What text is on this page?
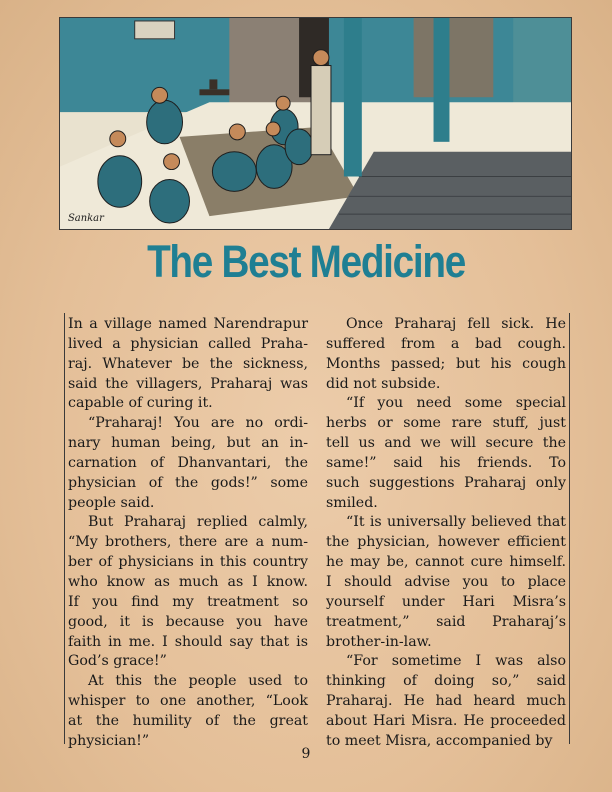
Sankar
The Best Medicine

In a village named Narendrapur
lived a physician called Praha-
raj. Whatever be the sickness,
said the villagers, Praharaj was
capable of curing it.

“Praharaj! You are no ordi-
nary human being, but an in-
carnation of Dhanvantari, the
physician of the gods!” some
people said.

But Praharaj replied calmly,
“My brothers, there are a num-
ber of physicians in this country
who know as much as I know.
If you find my treatment so
good, it is because you have
faith in me. I should say that is
God’s grace!”

At this the people used to
whisper to one another, “Look
at the humility of the great
physician!”

Once Praharaj fell sick. He
suffered from a bad cough.
Months passed; but his cough
did not subside.

“If you need some special
herbs or some rare stuff, just
tell us and we will secure the
same!” said his friends. To
such suggestions Praharaj only
smiled.

“It is universally believed that
the physician, however efficient
he may be, cannot cure himself.
I should advise you to place
yourself under Hari Misra’s
treatment,” said Praharaj’s
brother-in-law.

“For sometime I was also
thinking of doing so,” said
Praharaj. He had heard much
about Hari Misra. He proceeded
to meet Misra, accompanied by

9
